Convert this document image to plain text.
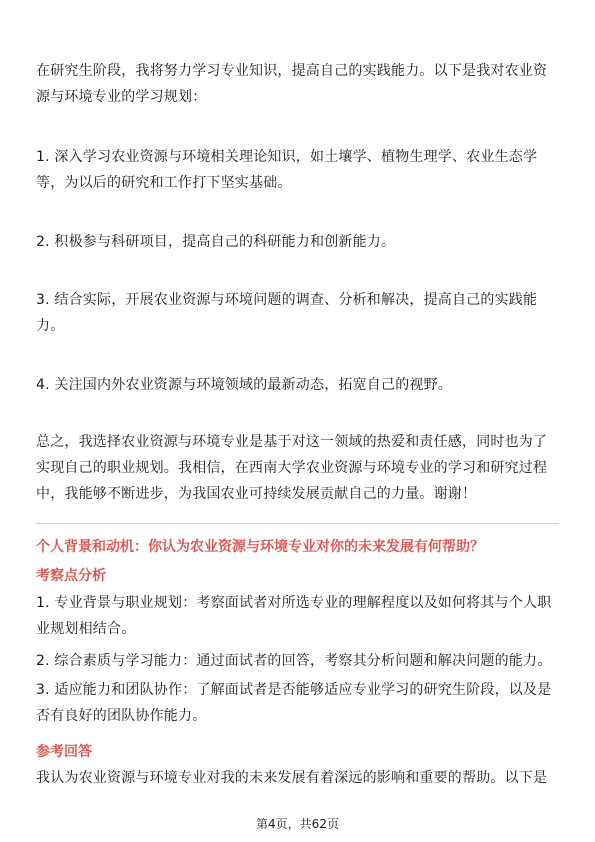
在研究生阶段，我将努力学习专业知识，提高自己的实践能力。以下是我对农业资
源与环境专业的学习规划：

1. 深入学习农业资源与环境相关理论知识，如土壤学、植物生理学、农业生态学
等，为以后的研究和工作打下坚实基础。

2. 积极参与科研项目，提高自己的科研能力和创新能力。

3. 结合实际，开展农业资源与环境问题的调查、分析和解决，提高自己的实践能
力。

4. 关注国内外农业资源与环境领域的最新动态，拓宽自己的视野。

总之，我选择农业资源与环境专业是基于对这一领域的热爱和责任感，同时也为了
实现自己的职业规划。我相信，在西南大学农业资源与环境专业的学习和研究过程
中，我能够不断进步，为我国农业可持续发展贡献自己的力量。谢谢！

个人背景和动机：你认为农业资源与环境专业对你的未来发展有何帮助？

考察点分析

1. 专业背景与职业规划：考察面试者对所选专业的理解程度以及如何将其与个人职
业规划相结合。

2. 综合素质与学习能力：通过面试者的回答，考察其分析问题和解决问题的能力。

3. 适应能力和团队协作：了解面试者是否能够适应专业学习的研究生阶段，以及是
否有良好的团队协作能力。

参考回答

我认为农业资源与环境专业对我的未来发展有着深远的影响和重要的帮助。以下是

第4页，共62页
